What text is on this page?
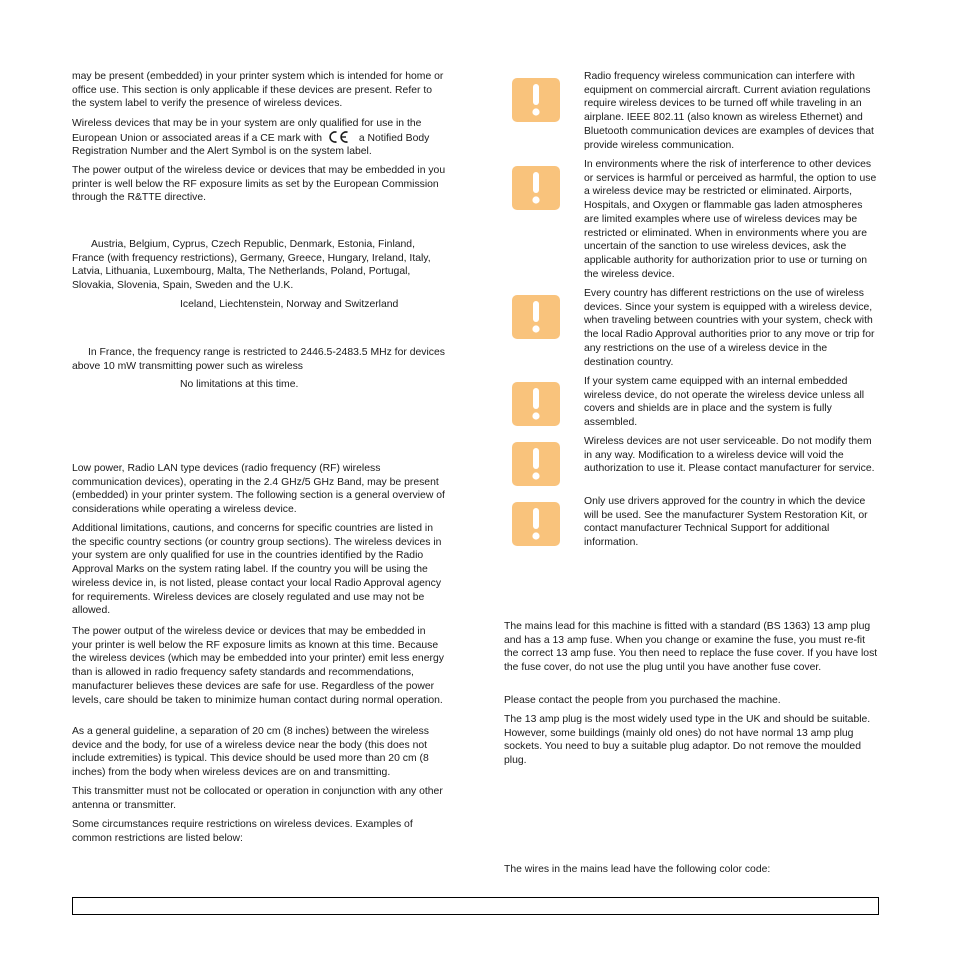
may be present (embedded) in your printer system which is intended for home or office use. This section is only applicable if these devices are present. Refer to the system label to verify the presence of wireless devices.

Wireless devices that may be in your system are only qualified for use in the European Union or associated areas if a CE mark with	a Notified Body Registration Number and the Alert Symbol is on the system label.

The power output of the wireless device or devices that may be embedded in you printer is well below the RF exposure limits as set by the European Commission through the R&TTE directive.

Austria, Belgium, Cyprus, Czech Republic, Denmark, Estonia, Finland, France (with frequency restrictions), Germany, Greece, Hungary, Ireland, Italy, Latvia, Lithuania, Luxembourg, Malta, The Netherlands, Poland, Portugal, Slovakia, Slovenia, Spain, Sweden and the U.K.

Iceland, Liechtenstein, Norway and Switzerland

In France, the frequency range is restricted to 2446.5-2483.5 MHz for devices above 10 mW transmitting power such as wireless

No limitations at this time.

Low power, Radio LAN type devices (radio frequency (RF) wireless communication devices), operating in the 2.4 GHz/5 GHz Band, may be present (embedded) in your printer system. The following section is a general overview of considerations while operating a wireless device.

Additional limitations, cautions, and concerns for specific countries are listed in the specific country sections (or country group sections). The wireless devices in your system are only qualified for use in the countries identified by the Radio Approval Marks on the system rating label. If the country you will be using the wireless device in, is not listed, please contact your local Radio Approval agency for requirements. Wireless devices are closely regulated and use may not be allowed.

The power output of the wireless device or devices that may be embedded in your printer is well below the RF exposure limits as known at this time. Because the wireless devices (which may be embedded into your printer) emit less energy than is allowed in radio frequency safety standards and recommendations, manufacturer believes these devices are safe for use. Regardless of the power levels, care should be taken to minimize human contact during normal operation.

As a general guideline, a separation of 20 cm (8 inches) between the wireless device and the body, for use of a wireless device near the body (this does not include extremities) is typical. This device should be used more than 20 cm (8 inches) from the body when wireless devices are on and transmitting.

This transmitter must not be collocated or operation in conjunction with any other antenna or transmitter.

Some circumstances require restrictions on wireless devices. Examples of common restrictions are listed below:

Radio frequency wireless communication can interfere with equipment on commercial aircraft. Current aviation regulations require wireless devices to be turned off while traveling in an airplane. IEEE 802.11 (also known as wireless Ethernet) and Bluetooth communication devices are examples of devices that provide wireless communication.

In environments where the risk of interference to other devices or services is harmful or perceived as harmful, the option to use a wireless device may be restricted or eliminated. Airports, Hospitals, and Oxygen or flammable gas laden atmospheres are limited examples where use of wireless devices may be restricted or eliminated. When in environments where you are uncertain of the sanction to use wireless devices, ask the applicable authority for authorization prior to use or turning on the wireless device.

Every country has different restrictions on the use of wireless devices. Since your system is equipped with a wireless device, when traveling between countries with your system, check with the local Radio Approval authorities prior to any move or trip for any restrictions on the use of a wireless device in the destination country.

If your system came equipped with an internal embedded wireless device, do not operate the wireless device unless all covers and shields are in place and the system is fully assembled.

Wireless devices are not user serviceable. Do not modify them in any way. Modification to a wireless device will void the authorization to use it. Please contact manufacturer for service.

Only use drivers approved for the country in which the device will be used. See the manufacturer System Restoration Kit, or contact manufacturer Technical Support for additional information.

The mains lead for this machine is fitted with a standard (BS 1363) 13 amp plug and has a 13 amp fuse. When you change or examine the fuse, you must re-fit the correct 13 amp fuse. You then need to replace the fuse cover. If you have lost the fuse cover, do not use the plug until you have another fuse cover.

Please contact the people from you purchased the machine.

The 13 amp plug is the most widely used type in the UK and should be suitable. However, some buildings (mainly old ones) do not have normal 13 amp plug sockets. You need to buy a suitable plug adaptor. Do not remove the moulded plug.

The wires in the mains lead have the following color code:
